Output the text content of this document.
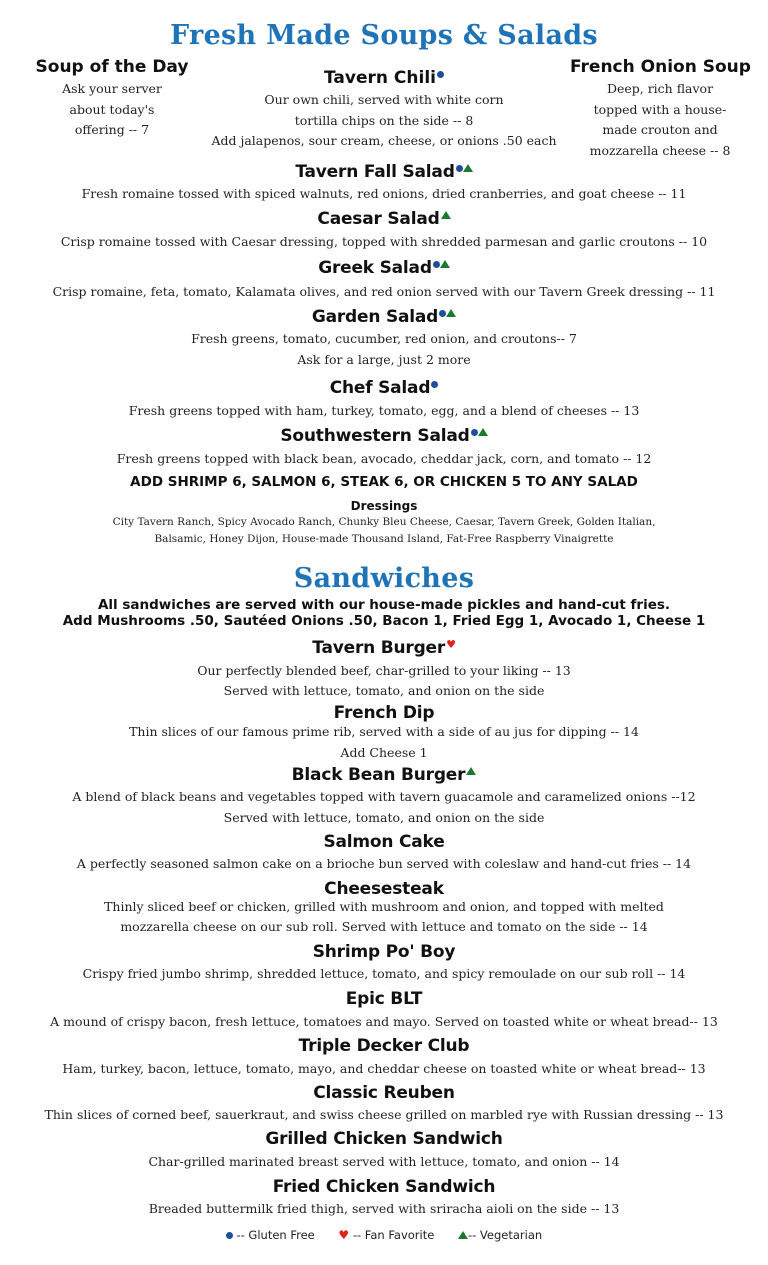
Fresh Made Soups & Salads
Soup of the Day
Ask your server
about today's
offering -- 7
Tavern Chili
Our own chili, served with white corn
tortilla chips on the side -- 8
Add jalapenos, sour cream, cheese, or onions .50 each
French Onion Soup
Deep, rich flavor
topped with a house-
made crouton and
mozzarella cheese -- 8
Tavern Fall Salad
Fresh romaine tossed with spiced walnuts, red onions, dried cranberries, and goat cheese -- 11
Caesar Salad
Crisp romaine tossed with Caesar dressing, topped with shredded parmesan and garlic croutons -- 10
Greek Salad
Crisp romaine, feta, tomato, Kalamata olives, and red onion served with our Tavern Greek dressing -- 11
Garden Salad
Fresh greens, tomato, cucumber, red onion, and croutons-- 7
Ask for a large, just 2 more
Chef Salad
Fresh greens topped with ham, turkey, tomato, egg, and a blend of cheeses -- 13
Southwestern Salad
Fresh greens topped with black bean, avocado, cheddar jack, corn, and tomato -- 12
ADD SHRIMP 6, SALMON 6, STEAK 6, OR CHICKEN 5 TO ANY SALAD
Dressings
City Tavern Ranch, Spicy Avocado Ranch, Chunky Bleu Cheese, Caesar, Tavern Greek, Golden Italian,
Balsamic, Honey Dijon, House-made Thousand Island, Fat-Free Raspberry Vinaigrette
Sandwiches
All sandwiches are served with our house-made pickles and hand-cut fries.
Add Mushrooms .50, Sautéed Onions .50, Bacon 1, Fried Egg 1, Avocado 1, Cheese 1
Tavern Burger♥
Our perfectly blended beef, char-grilled to your liking -- 13
Served with lettuce, tomato, and onion on the side
French Dip
Thin slices of our famous prime rib, served with a side of au jus for dipping -- 14
Add Cheese 1
Black Bean Burger
A blend of black beans and vegetables topped with tavern guacamole and caramelized onions --12
Served with lettuce, tomato, and onion on the side
Salmon Cake
A perfectly seasoned salmon cake on a brioche bun served with coleslaw and hand-cut fries -- 14
Cheesesteak
Thinly sliced beef or chicken, grilled with mushroom and onion, and topped with melted
mozzarella cheese on our sub roll. Served with lettuce and tomato on the side -- 14
Shrimp Po' Boy
Crispy fried jumbo shrimp, shredded lettuce, tomato, and spicy remoulade on our sub roll -- 14
Epic BLT
A mound of crispy bacon, fresh lettuce, tomatoes and mayo. Served on toasted white or wheat bread-- 13
Triple Decker Club
Ham, turkey, bacon, lettuce, tomato, mayo, and cheddar cheese on toasted white or wheat bread-- 13
Classic Reuben
Thin slices of corned beef, sauerkraut, and swiss cheese grilled on marbled rye with Russian dressing -- 13
Grilled Chicken Sandwich
Char-grilled marinated breast served with lettuce, tomato, and onion -- 14
Fried Chicken Sandwich
Breaded buttermilk fried thigh, served with sriracha aioli on the side -- 13
-- Gluten Free ♥ -- Fan Favorite	-- Vegetarian
